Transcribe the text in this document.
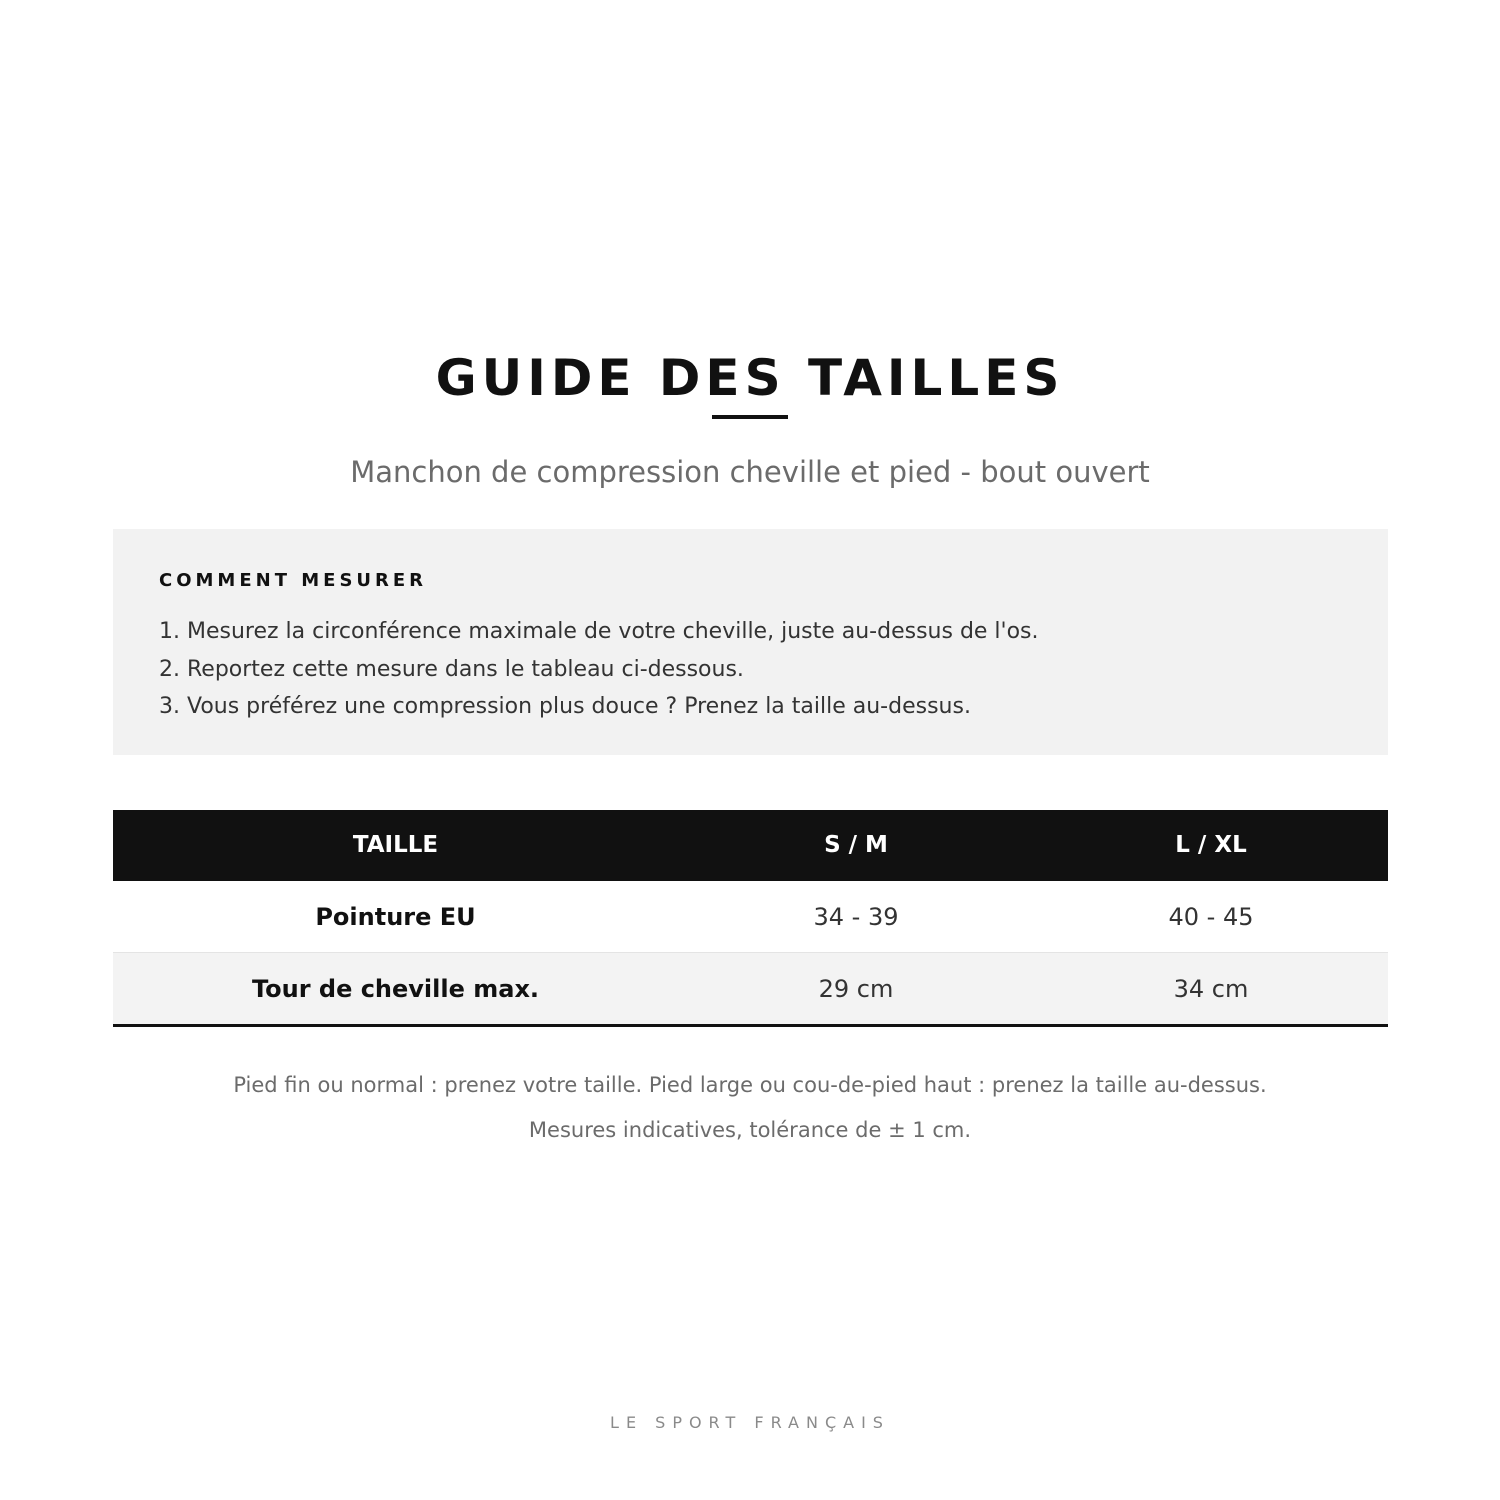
GUIDE DES TAILLES

Manchon de compression cheville et pied - bout ouvert

COMMENT MESURER
1. Mesurez la circonférence maximale de votre cheville, juste au-dessus de l'os.
2. Reportez cette mesure dans le tableau ci-dessous.
3. Vous préférez une compression plus douce ? Prenez la taille au-dessus.
TAILLE	S / M	L / XL
Pointure EU	34 - 39	40 - 45
Tour de cheville max.	29 cm	34 cm

Pied fin ou normal : prenez votre taille. Pied large ou cou-de-pied haut : prenez la taille au-dessus.

Mesures indicatives, tolérance de ± 1 cm.

LE SPORT FRANÇAIS
